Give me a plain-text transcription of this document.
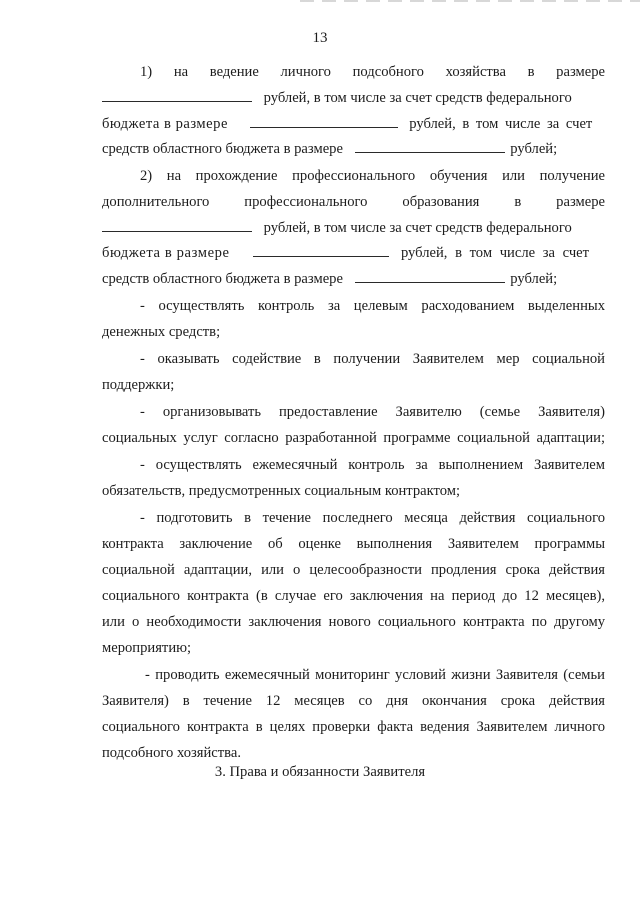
13
1) на ведение личного подсобного хозяйства в размере
рублей, в том числе за счет средств федерального
бюджета в размере	рублей, в том числе за счет
средств областного бюджета в размере	рублей;
2) на прохождение профессионального обучения или получение
дополнительного профессионального образования в размере
рублей, в том числе за счет средств федерального
бюджета в размере	рублей, в том числе за счет
средств областного бюджета в размере	рублей;
- осуществлять контроль за целевым расходованием выделенных
денежных средств;
- оказывать содействие в получении Заявителем мер социальной
поддержки;
- организовывать предоставление Заявителю (семье Заявителя)
социальных услуг согласно разработанной программе социальной адаптации;
- осуществлять ежемесячный контроль за выполнением Заявителем
обязательств, предусмотренных социальным контрактом;
- подготовить в течение последнего месяца действия социального
контракта заключение об оценке выполнения Заявителем программы
социальной адаптации, или о целесообразности продления срока действия
социального контракта (в случае его заключения на период до 12 месяцев),
или о необходимости заключения нового социального контракта по другому
мероприятию;
- проводить ежемесячный мониторинг условий жизни Заявителя (семьи
Заявителя) в течение 12 месяцев со дня окончания срока действия
социального контракта в целях проверки факта ведения Заявителем личного
подсобного хозяйства.
3. Права и обязанности Заявителя
